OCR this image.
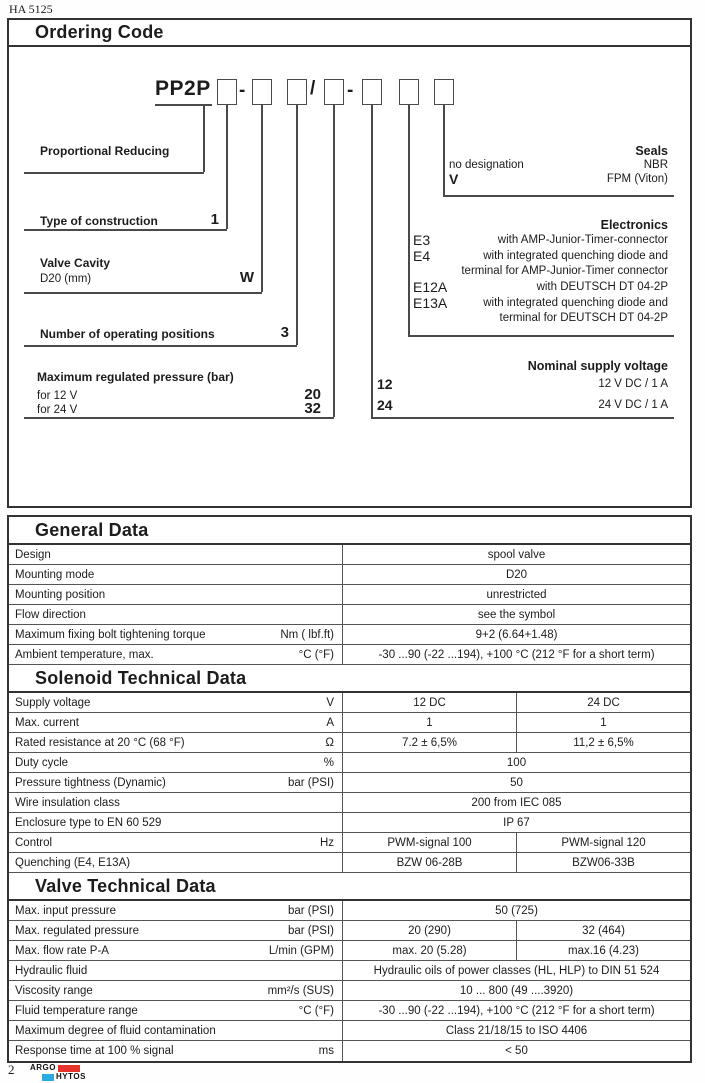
HA 5125
Ordering Code
PP2P -	/ -
Proportional Reducing
Type of construction	1
Valve Cavity
D20 (mm)	W
Number of operating positions	3
Maximum regulated pressure (bar)
for 12 V	20
for 24 V	32
Seals
no designation	NBR
V	FPM (Viton)
Electronics
E3	with AMP-Junior-Timer-connector
E4	with integrated quenching diode and
terminal for AMP-Junior-Timer connector
E12A	with DEUTSCH DT 04-2P
E13A	with integrated quenching diode and
terminal for DEUTSCH DT 04-2P
Nominal supply voltage
12	12 V DC / 1 A
24	24 V DC / 1 A
General Data
Design	spool valve
Mounting mode	D20
Mounting position	unrestricted
Flow direction	see the symbol
Maximum fixing bolt tightening torque	Nm ( lbf.ft)	9+2 (6.64+1.48)
Ambient temperature, max.	°C (°F)	-30 ...90 (-22 ...194), +100 °C (212 °F for a short term)
Solenoid Technical Data
Supply voltage	V	12 DC	24 DC
Max. current	A	1	1
Rated resistance at 20 °C (68 °F)	Ω	7.2 ± 6,5%	11,2 ± 6,5%
Duty cycle	%	100
Pressure tightness (Dynamic)	bar (PSI)	50
Wire insulation class	200 from IEC 085
Enclosure type to EN 60 529	IP 67
Control	Hz	PWM-signal 100	PWM-signal 120
Quenching (E4, E13A)	BZW 06-28B	BZW06-33B
Valve Technical Data
Max. input pressure	bar (PSI)	50 (725)
Max. regulated pressure	bar (PSI)	20 (290)	32 (464)
Max. flow rate P-A	L/min (GPM)	max. 20 (5.28)	max.16 (4.23)
Hydraulic fluid	Hydraulic oils of power classes (HL, HLP) to DIN 51 524
Viscosity range	mm²/s (SUS)	10 ... 800 (49 ....3920)
Fluid temperature range	°C (°F)	-30 ...90 (-22 ...194), +100 °C (212 °F for a short term)
Maximum degree of fluid contamination	Class 21/18/15 to ISO 4406
Response time at 100 % signal	ms	< 50
2 ARGO
HYTOS
